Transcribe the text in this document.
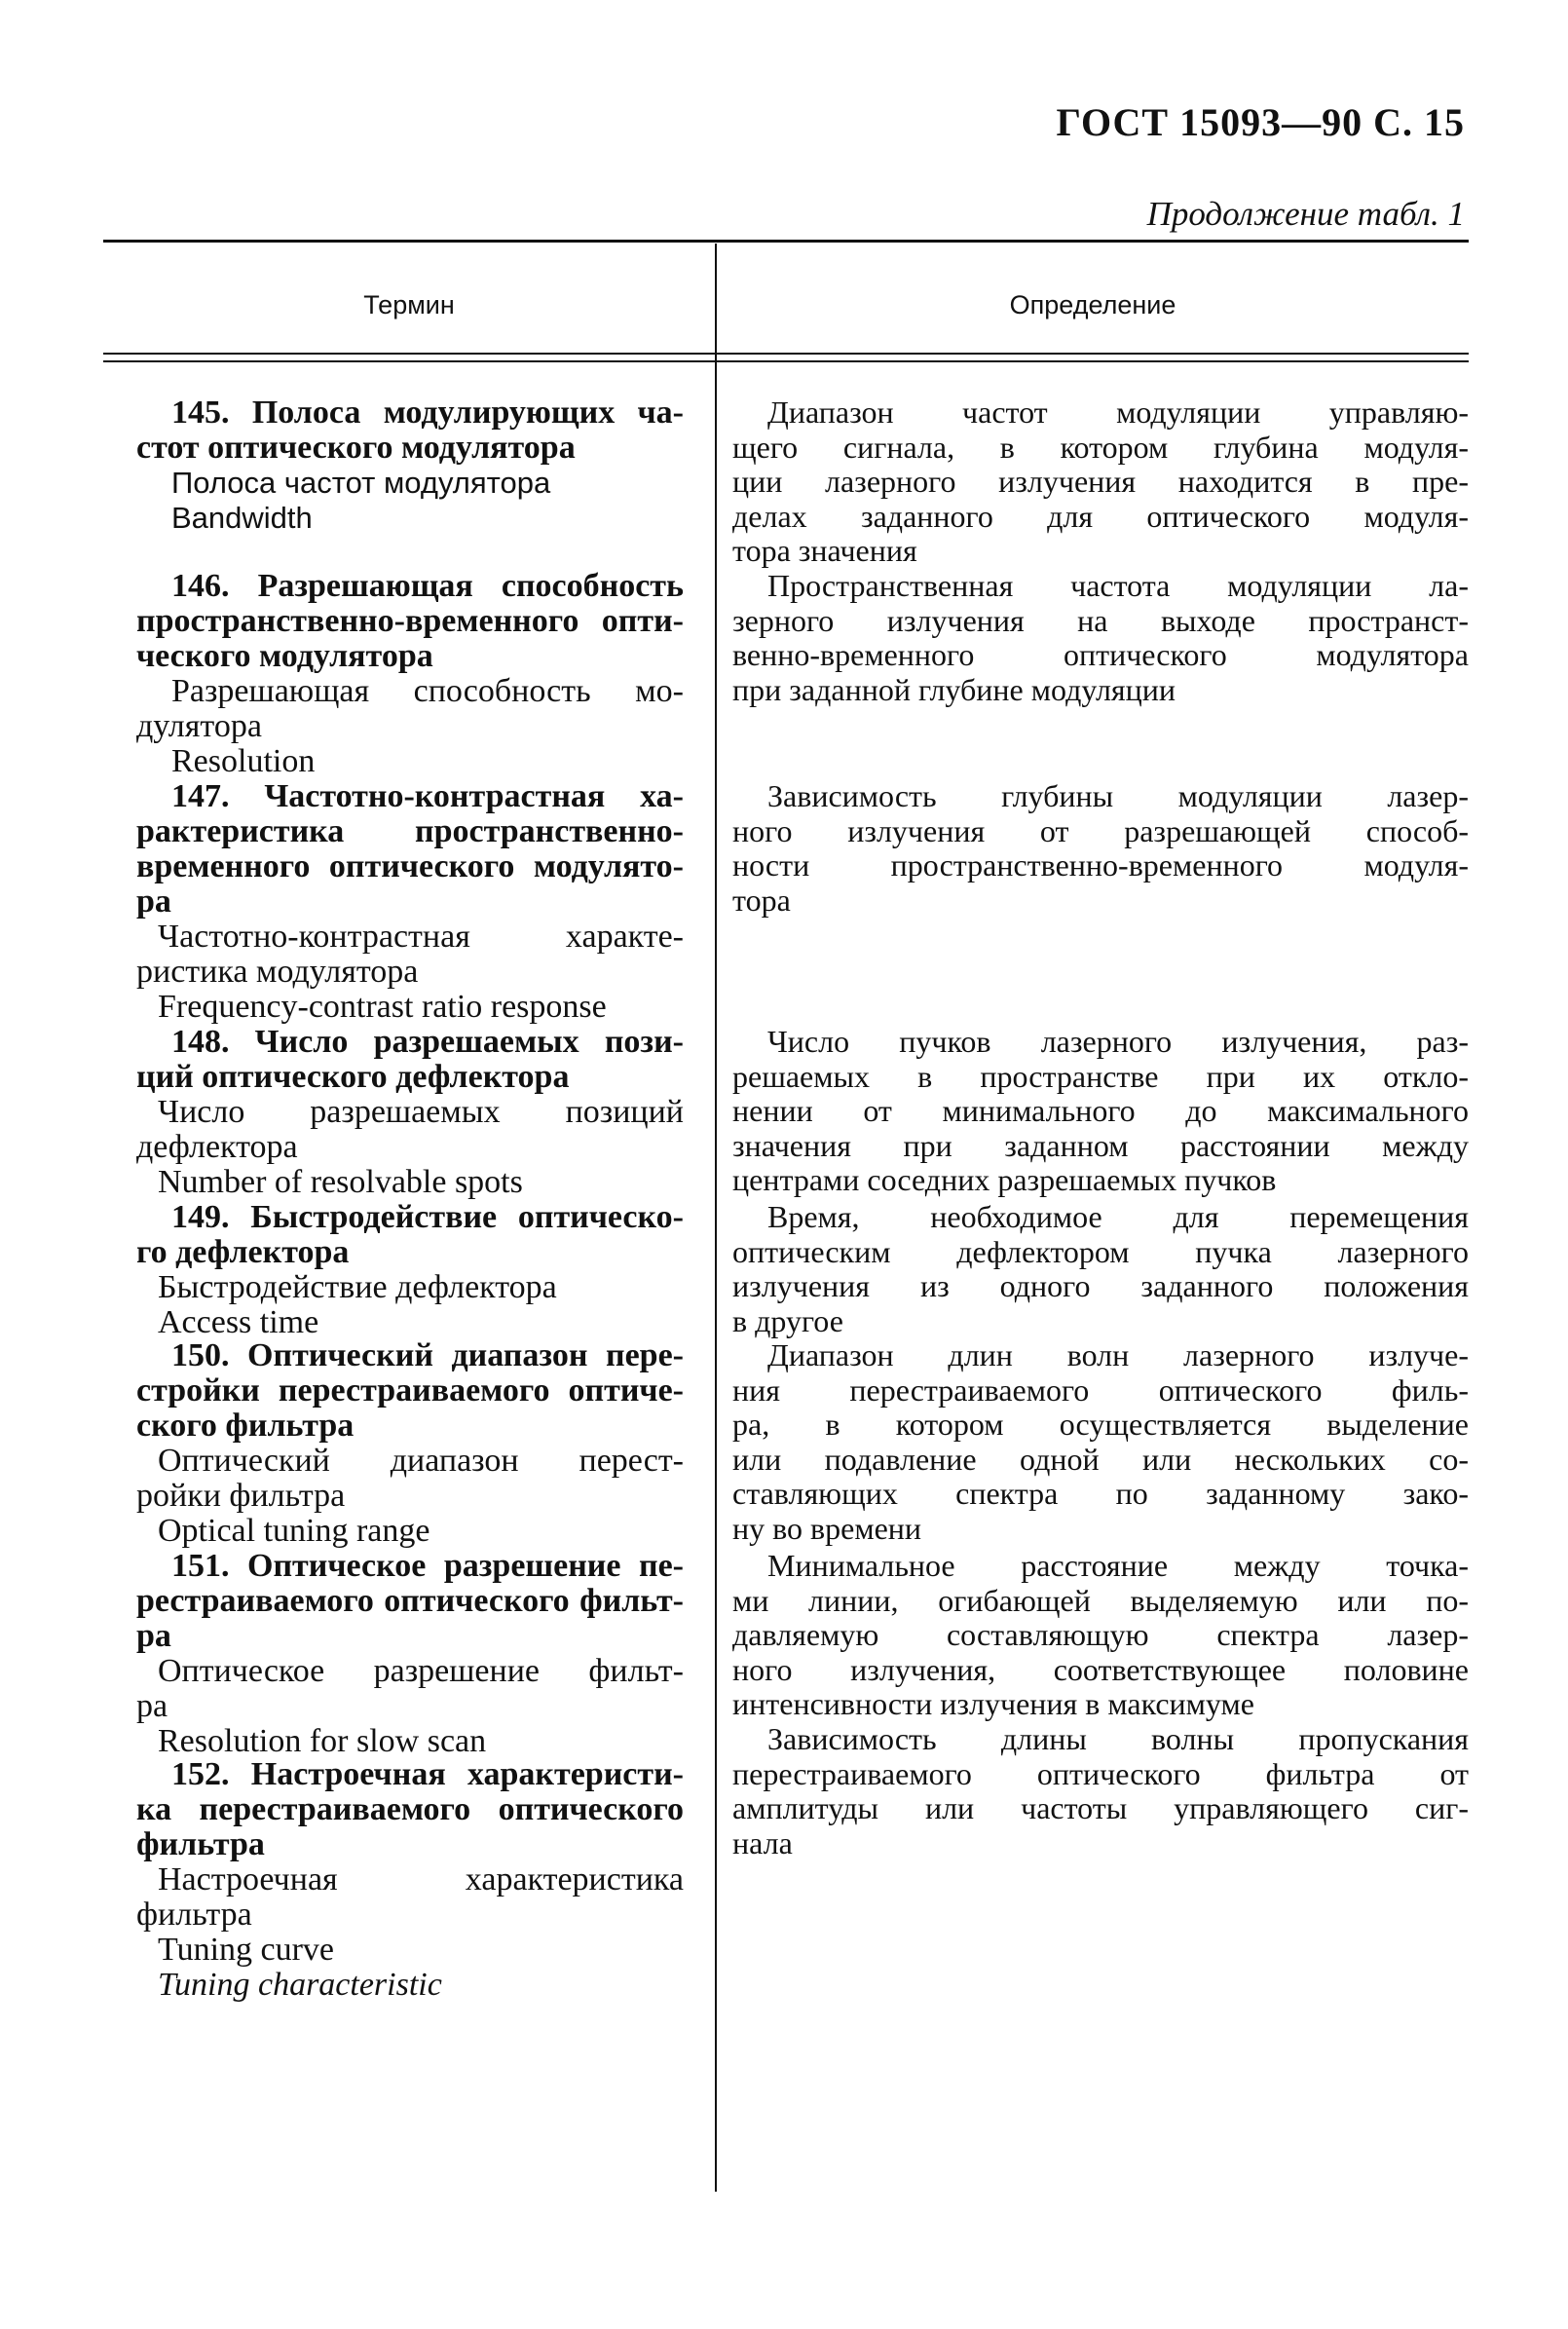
ГОСТ 15093—90 С. 15
Продолжение табл. 1
Термин	Определение
145. Полоса модулирующих ча-
стот оптического модулятора
Полоса частот модулятора
Bandwidth
146. Разрешающая способность
пространственно-временного опти-
ческого модулятора
Разрешающая способность мо-
дулятора
Resolution
147. Частотно-контрастная ха-
рактеристика пространственно-
временного оптического модулято-
ра
Частотно-контрастная характе-
ристика модулятора
Frequency-contrast ratio response
148. Число разрешаемых пози-
ций оптического дефлектора
Число разрешаемых позиций
дефлектора
Number of resolvable spots
149. Быстродействие оптическо-
го дефлектора
Быстродействие дефлектора
Access time
150. Оптический диапазон пере-
стройки перестраиваемого оптиче-
ского фильтра
Оптический диапазон перест-
ройки фильтра
Optical tuning range
151. Оптическое разрешение пе-
рестраиваемого оптического фильт-
ра
Оптическое разрешение фильт-
ра
Resolution for slow scan
152. Настроечная характеристи-
ка перестраиваемого оптического
фильтра
Настроечная характеристика
фильтра
Tuning curve
Tuning characteristic
Диапазон частот модуляции управляю-
щего сигнала, в котором глубина модуля-
ции лазерного излучения находится в пре-
делах заданного для оптического модуля-
тора значения
Пространственная частота модуляции ла-
зерного излучения на выходе пространст-
венно-временного оптического модулятора
при заданной глубине модуляции
Зависимость глубины модуляции лазер-
ного излучения от разрешающей способ-
ности пространственно-временного модуля-
тора
Число пучков лазерного излучения, раз-
решаемых в пространстве при их откло-
нении от минимального до максимального
значения при заданном расстоянии между
центрами соседних разрешаемых пучков
Время, необходимое для перемещения
оптическим дефлектором пучка лазерного
излучения из одного заданного положения
в другое
Диапазон длин волн лазерного излуче-
ния перестраиваемого оптического филь-
ра, в котором осуществляется выделение
или подавление одной или нескольких со-
ставляющих спектра по заданному зако-
ну во времени
Минимальное расстояние между точка-
ми линии, огибающей выделяемую или по-
давляемую составляющую спектра лазер-
ного излучения, соответствующее половине
интенсивности излучения в максимуме
Зависимость длины волны пропускания
перестраиваемого оптического фильтра от
амплитуды или частоты управляющего сиг-
нала
